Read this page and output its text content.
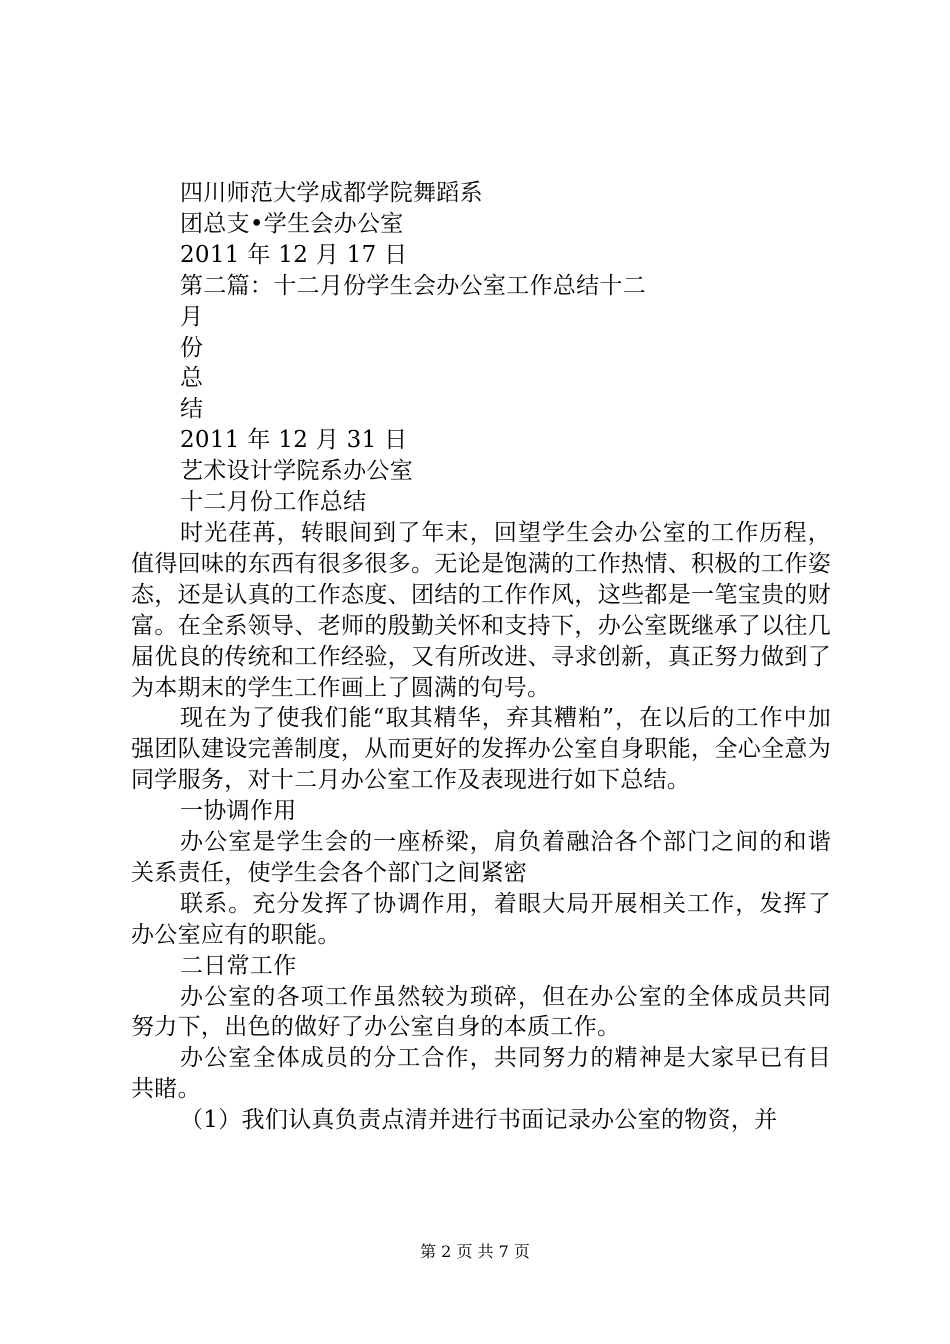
四川师范大学成都学院舞蹈系
团总支•学生会办公室
2011 年 12 月 17 日
第二篇：十二月份学生会办公室工作总结十二
月
份
总
结
2011 年 12 月 31 日
艺术设计学院系办公室
十二月份工作总结
时光荏苒，转眼间到了年末，回望学生会办公室的工作历程，值得回味的东西有很多很多。无论是饱满的工作热情、积极的工作姿态，还是认真的工作态度、团结的工作作风，这些都是一笔宝贵的财富。在全系领导、老师的殷勤关怀和支持下，办公室既继承了以往几届优良的传统和工作经验，又有所改进、寻求创新，真正努力做到了为本期末的学生工作画上了圆满的句号。
现在为了使我们能“取其精华，弃其糟粕”，在以后的工作中加强团队建设完善制度，从而更好的发挥办公室自身职能，全心全意为同学服务，对十二月办公室工作及表现进行如下总结。
一协调作用
办公室是学生会的一座桥梁，肩负着融洽各个部门之间的和谐关系责任，使学生会各个部门之间紧密
联系。充分发挥了协调作用，着眼大局开展相关工作，发挥了办公室应有的职能。
二日常工作
办公室的各项工作虽然较为琐碎，但在办公室的全体成员共同努力下，出色的做好了办公室自身的本质工作。
办公室全体成员的分工合作，共同努力的精神是大家早已有目共睹。
（1）我们认真负责点清并进行书面记录办公室的物资，并
第 2 页 共 7 页
